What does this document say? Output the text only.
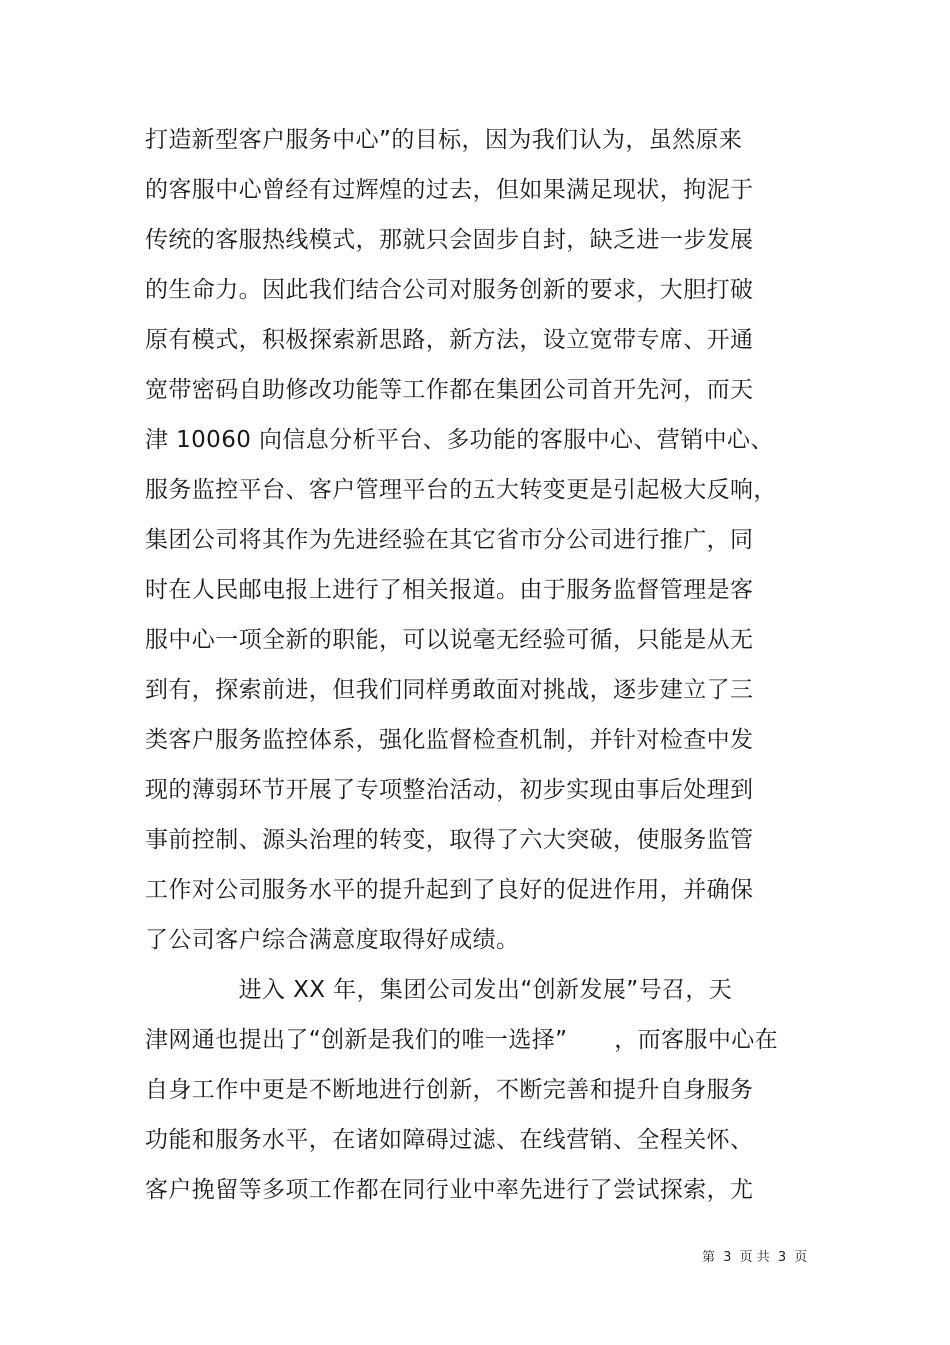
打造新型客户服务中心”的目标，因为我们认为，虽然原来
的客服中心曾经有过辉煌的过去，但如果满足现状，拘泥于
传统的客服热线模式，那就只会固步自封，缺乏进一步发展
的生命力。因此我们结合公司对服务创新的要求，大胆打破
原有模式，积极探索新思路，新方法，设立宽带专席、开通
宽带密码自助修改功能等工作都在集团公司首开先河，而天
津 10060 向信息分析平台、多功能的客服中心、营销中心、
服务监控平台、客户管理平台的五大转变更是引起极大反响，
集团公司将其作为先进经验在其它省市分公司进行推广，同
时在人民邮电报上进行了相关报道。由于服务监督管理是客
服中心一项全新的职能，可以说毫无经验可循，只能是从无
到有，探索前进，但我们同样勇敢面对挑战，逐步建立了三
类客户服务监控体系，强化监督检查机制，并针对检查中发
现的薄弱环节开展了专项整治活动，初步实现由事后处理到
事前控制、源头治理的转变，取得了六大突破，使服务监管
工作对公司服务水平的提升起到了良好的促进作用，并确保
了公司客户综合满意度取得好成绩。
　　　　进入 XX 年，集团公司发出“创新发展”号召，天
津网通也提出了“创新是我们的唯一选择”　　，而客服中心在
自身工作中更是不断地进行创新，不断完善和提升自身服务
功能和服务水平，在诸如障碍过滤、在线营销、全程关怀、
客户挽留等多项工作都在同行业中率先进行了尝试探索，尤
第 3 页 共 3 页
